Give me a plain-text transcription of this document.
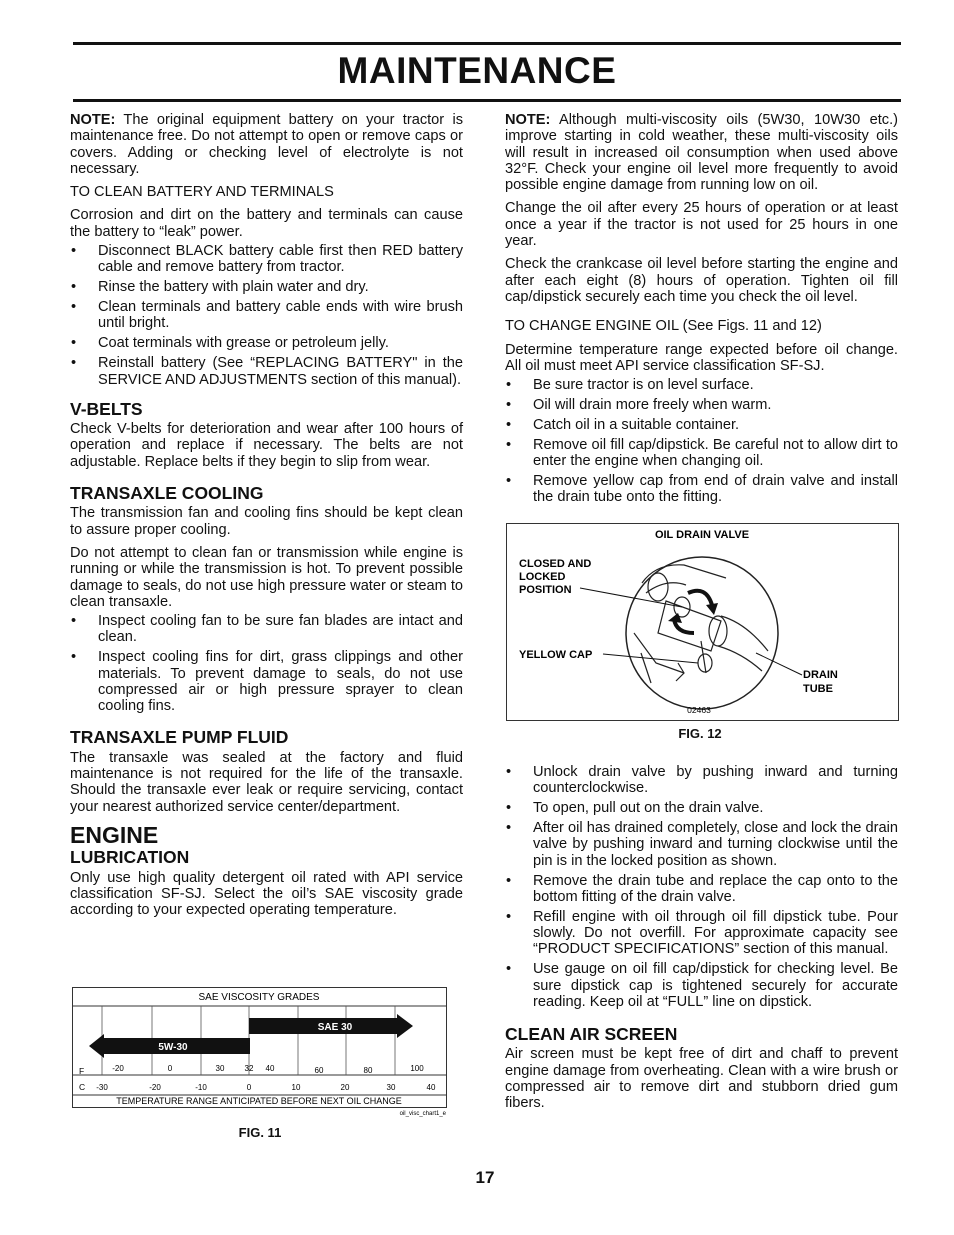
MAINTENANCE

NOTE: The original equipment battery on your tractor is maintenance free. Do not attempt to open or remove caps or covers. Adding or checking level of electrolyte is not necessary.

TO CLEAN BATTERY AND TERMINALS

Corrosion and dirt on the battery and terminals can cause the battery to “leak” power.

• Disconnect BLACK battery cable first then RED battery cable and remove battery from tractor.
• Rinse the battery with plain water and dry.
• Clean terminals and battery cable ends with wire brush until bright.
• Coat terminals with grease or petroleum jelly.
• Reinstall battery (See “REPLACING BATTERY" in the SERVICE AND ADJUSTMENTS section of this manual).
V-BELTS

Check V-belts for deterioration and wear after 100 hours of operation and replace if necessary. The belts are not adjustable. Replace belts if they begin to slip from wear.

TRANSAXLE COOLING

The transmission fan and cooling fins should be kept clean to assure proper cooling.

Do not attempt to clean fan or transmission while engine is running or while the transmission is hot. To prevent possible damage to seals, do not use high pressure water or steam to clean transaxle.

• Inspect cooling fan to be sure fan blades are intact and clean.
• Inspect cooling fins for dirt, grass clippings and other materials. To prevent damage to seals, do not use compressed air or high pressure sprayer to clean cooling fins.
TRANSAXLE PUMP FLUID

The transaxle was sealed at the factory and fluid maintenance is not required for the life of the transaxle. Should the transaxle ever leak or require servicing, contact your nearest authorized service center/department.

ENGINE
LUBRICATION

Only use high quality detergent oil rated with API service classification SF-SJ. Select the oil’s SAE viscosity grade according to your expected operating temperature.

SAE VISCOSITY GRADES
SAE 30
5W-30
F	-20	0	30	32 40	60	80	100
C -30	-20	-10	0	10	20	30	40
TEMPERATURE RANGE ANTICIPATED BEFORE NEXT OIL CHANGE
oil_visc_chart1_e
FIG. 11

NOTE: Although multi-viscosity oils (5W30, 10W30 etc.) improve starting in cold weather, these multi-viscosity oils will result in increased oil consumption when used above 32°F. Check your engine oil level more frequently to avoid possible engine damage from running low on oil.

Change the oil after every 25 hours of operation or at least once a year if the tractor is not used for 25 hours in one year.

Check the crankcase oil level before starting the engine and after each eight (8) hours of operation. Tighten oil fill cap/dipstick securely each time you check the oil level.

TO CHANGE ENGINE OIL (See Figs. 11 and 12)

Determine temperature range expected before oil change. All oil must meet API service classification SF-SJ.

• Be sure tractor is on level surface.
• Oil will drain more freely when warm.
• Catch oil in a suitable container.
• Remove oil fill cap/dipstick. Be careful not to allow dirt to enter the engine when changing oil.
• Remove yellow cap from end of drain valve and install the drain tube onto the fitting.
OIL DRAIN VALVE
CLOSED AND
LOCKED
POSITION
YELLOW CAP
DRAIN
TUBE
02463
FIG. 12
• Unlock drain valve by pushing inward and turning counterclockwise.
• To open, pull out on the drain valve.
• After oil has drained completely, close and lock the drain valve by pushing inward and turning clockwise until the pin is in the locked position as shown.
• Remove the drain tube and replace the cap onto to the bottom fitting of the drain valve.
• Refill engine with oil through oil fill dipstick tube. Pour slowly. Do not overfill. For approximate capacity see “PRODUCT SPECIFICATIONS” section of this manual.
• Use gauge on oil fill cap/dipstick for checking level. Be sure dipstick cap is tightened securely for accurate reading. Keep oil at “FULL” line on dipstick.
CLEAN AIR SCREEN

Air screen must be kept free of dirt and chaff to prevent engine damage from overheating. Clean with a wire brush or compressed air to remove dirt and stubborn dried gum fibers.

17
